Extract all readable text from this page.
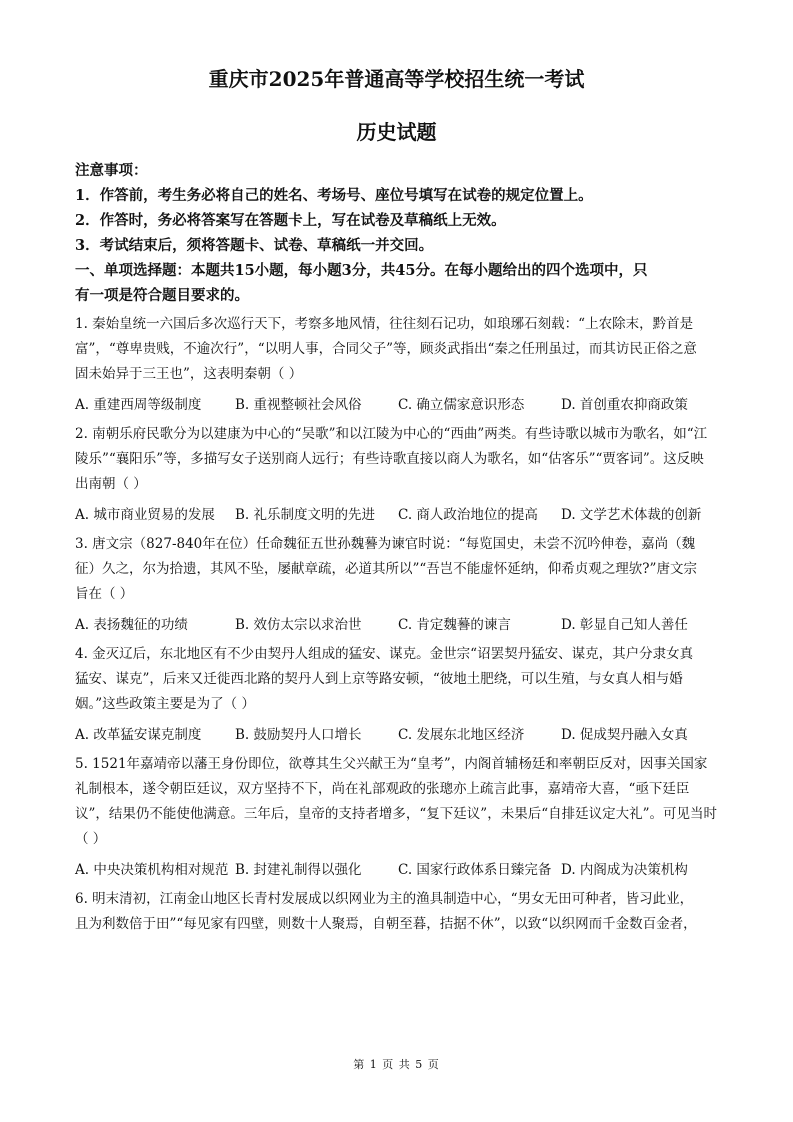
重庆市2025年普通高等学校招生统一考试
历史试题
注意事项：
1．作答前，考生务必将自己的姓名、考场号、座位号填写在试卷的规定位置上。
2．作答时，务必将答案写在答题卡上，写在试卷及草稿纸上无效。
3．考试结束后，须将答题卡、试卷、草稿纸一并交回。
一、单项选择题：本题共15小题，每小题3分，共45分。在每小题给出的四个选项中，只
有一项是符合题目要求的。
1. 秦始皇统一六国后多次巡行天下，考察多地风情，往往刻石记功，如琅琊石刻载：“上农除末，黔首是
富”，“尊卑贵贱，不逾次行”，“以明人事，合同父子”等，顾炎武指出“秦之任刑虽过，而其访民正俗之意
固未始异于三王也”，这表明秦朝（ ）
A. 重建西周等级制度	B. 重视整顿社会风俗	C. 确立儒家意识形态	D. 首创重农抑商政策
2. 南朝乐府民歌分为以建康为中心的“吴歌”和以江陵为中心的“西曲”两类。有些诗歌以城市为歌名，如“江
陵乐”“襄阳乐”等，多描写女子送别商人远行；有些诗歌直接以商人为歌名，如“估客乐”“贾客词”。这反映
出南朝（ ）
A. 城市商业贸易的发展	B. 礼乐制度文明的先进	C. 商人政治地位的提高	D. 文学艺术体裁的创新
3. 唐文宗（827-840年在位）任命魏征五世孙魏謩为谏官时说：“每览国史，未尝不沉吟伸卷，嘉尚（魏
征）久之，尔为拾遗，其风不坠，屡献章疏，必道其所以”“吾岂不能虚怀延纳，仰希贞观之理欤?”唐文宗
旨在（ ）
A. 表扬魏征的功绩	B. 效仿太宗以求治世	C. 肯定魏謩的谏言	D. 彰显自己知人善任
4. 金灭辽后，东北地区有不少由契丹人组成的猛安、谋克。金世宗“诏罢契丹猛安、谋克，其户分隶女真
猛安、谋克”，后来又迁徙西北路的契丹人到上京等路安顿，“彼地土肥绕，可以生殖，与女真人相与婚
姻。”这些政策主要是为了（ ）
A. 改革猛安谋克制度	B. 鼓励契丹人口增长	C. 发展东北地区经济	D. 促成契丹融入女真
5. 1521年嘉靖帝以藩王身份即位，欲尊其生父兴献王为“皇考”，内阁首辅杨廷和率朝臣反对，因事关国家
礼制根本，遂令朝臣廷议，双方坚持不下，尚在礼部观政的张璁亦上疏言此事，嘉靖帝大喜，“亟下廷臣
议”，结果仍不能使他满意。三年后，皇帝的支持者增多，“复下廷议”，未果后“自排廷议定大礼”。可见当时
（ ）
A. 中央决策机构相对规范 B. 封建礼制得以强化	C. 国家行政体系日臻完备 D. 内阁成为决策机构
6. 明末清初，江南金山地区长青村发展成以织网业为主的渔具制造中心，“男女无田可种者，皆习此业，
且为利数倍于田”“每见家有四壁，则数十人聚焉，自朝至暮，拮据不休”，以致“以织网而千金数百金者，
第 1 页 共 5 页
